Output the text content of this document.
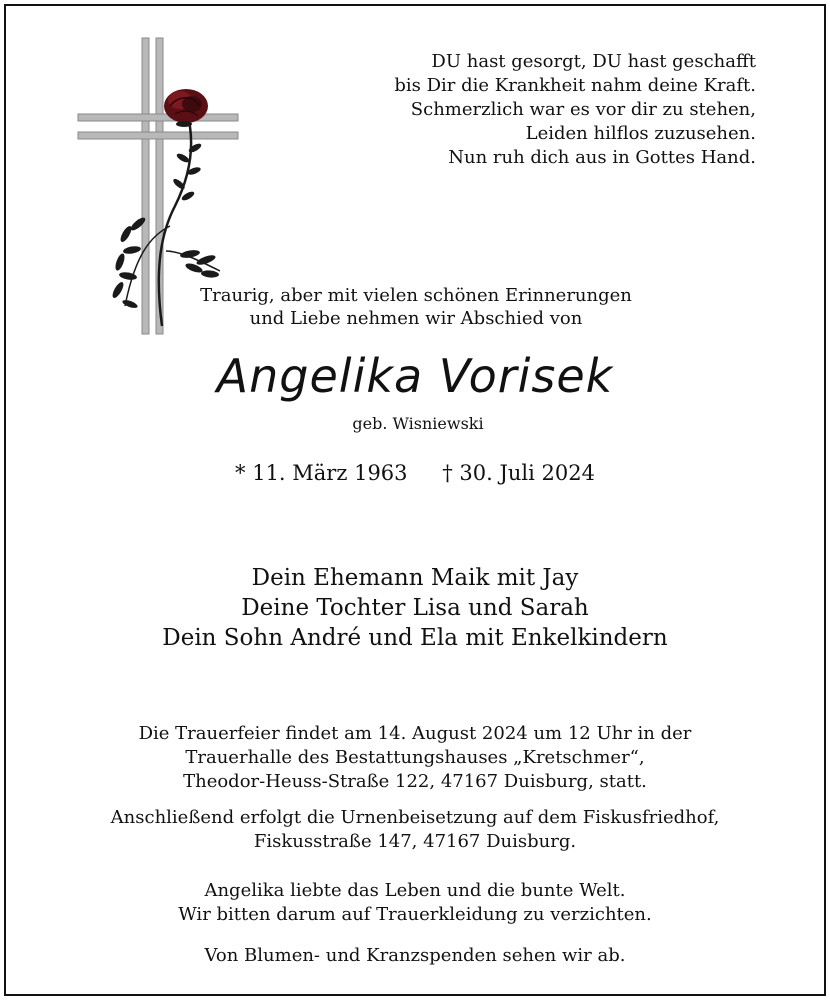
DU hast gesorgt, DU hast geschafft
bis Dir die Krankheit nahm deine Kraft.
Schmerzlich war es vor dir zu stehen,
Leiden hilflos zuzusehen.
Nun ruh dich aus in Gottes Hand.
Traurig, aber mit vielen schönen Erinnerungen
und Liebe nehmen wir Abschied von
Angelika Vorisek
geb. Wisniewski
* 11. März 1963 † 30. Juli 2024
Dein Ehemann Maik mit Jay
Deine Tochter Lisa und Sarah
Dein Sohn André und Ela mit Enkelkindern
Die Trauerfeier findet am 14. August 2024 um 12 Uhr in der
Trauerhalle des Bestattungshauses „Kretschmer“,
Theodor-Heuss-Straße 122, 47167 Duisburg, statt.
Anschließend erfolgt die Urnenbeisetzung auf dem Fiskusfriedhof,
Fiskusstraße 147, 47167 Duisburg.
Angelika liebte das Leben und die bunte Welt.
Wir bitten darum auf Trauerkleidung zu verzichten.
Von Blumen- und Kranzspenden sehen wir ab.
